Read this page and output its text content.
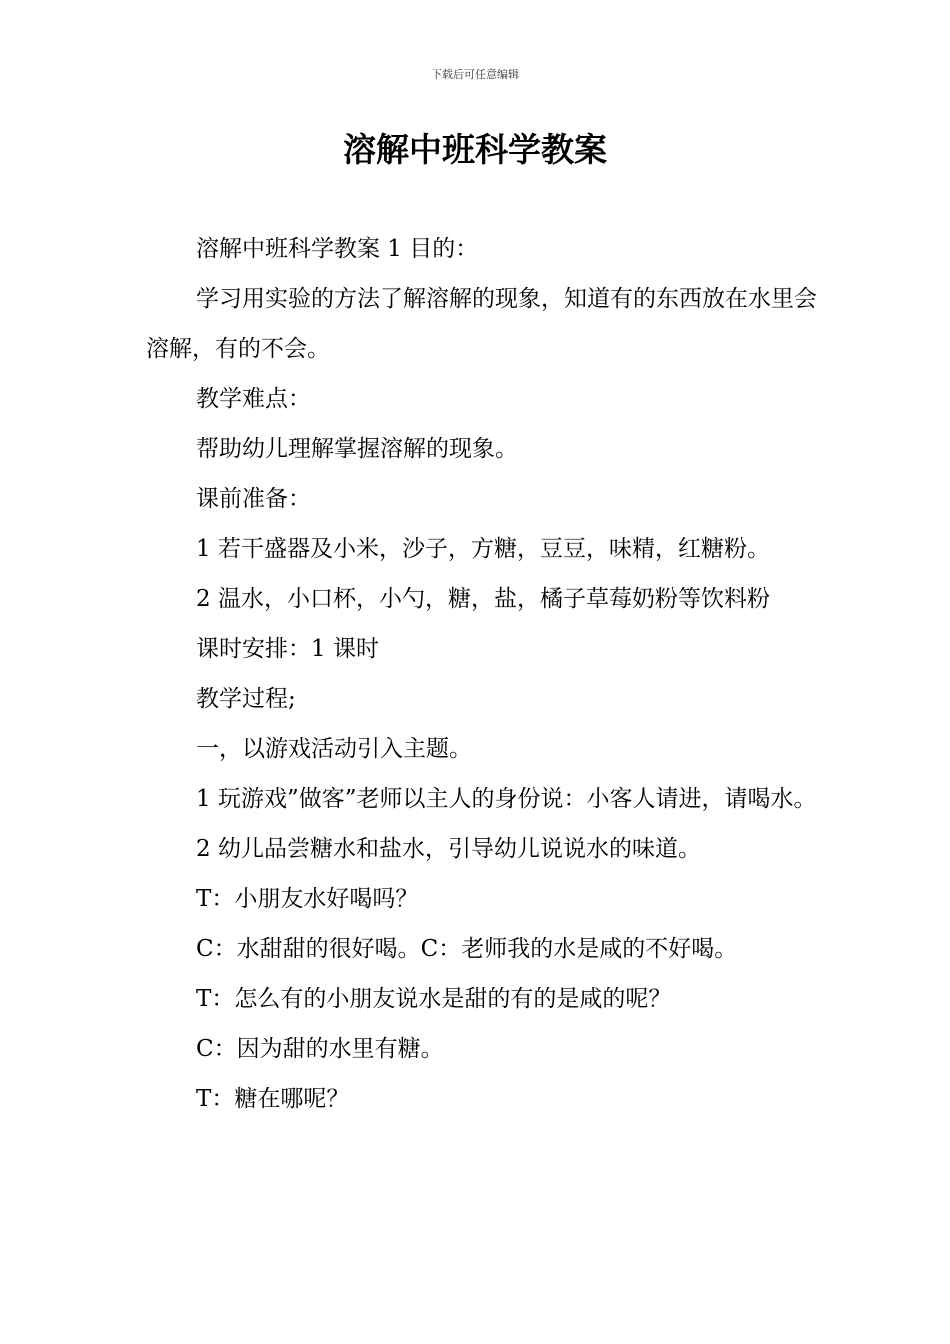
下载后可任意编辑
溶解中班科学教案

溶解中班科学教案 1 目的：

学习用实验的方法了解溶解的现象，知道有的东西放在水里会溶解，有的不会。

教学难点：

帮助幼儿理解掌握溶解的现象。

课前准备：

1 若干盛器及小米，沙子，方糖，豆豆，味精，红糖粉。

2 温水，小口杯，小勺，糖，盐，橘子草莓奶粉等饮料粉

课时安排：1 课时

教学过程;

一，以游戏活动引入主题。

1 玩游戏”做客”老师以主人的身份说：小客人请进，请喝水。

2 幼儿品尝糖水和盐水，引导幼儿说说水的味道。

T：小朋友水好喝吗？

C：水甜甜的很好喝。C：老师我的水是咸的不好喝。

T：怎么有的小朋友说水是甜的有的是咸的呢？

C：因为甜的水里有糖。

T：糖在哪呢？
